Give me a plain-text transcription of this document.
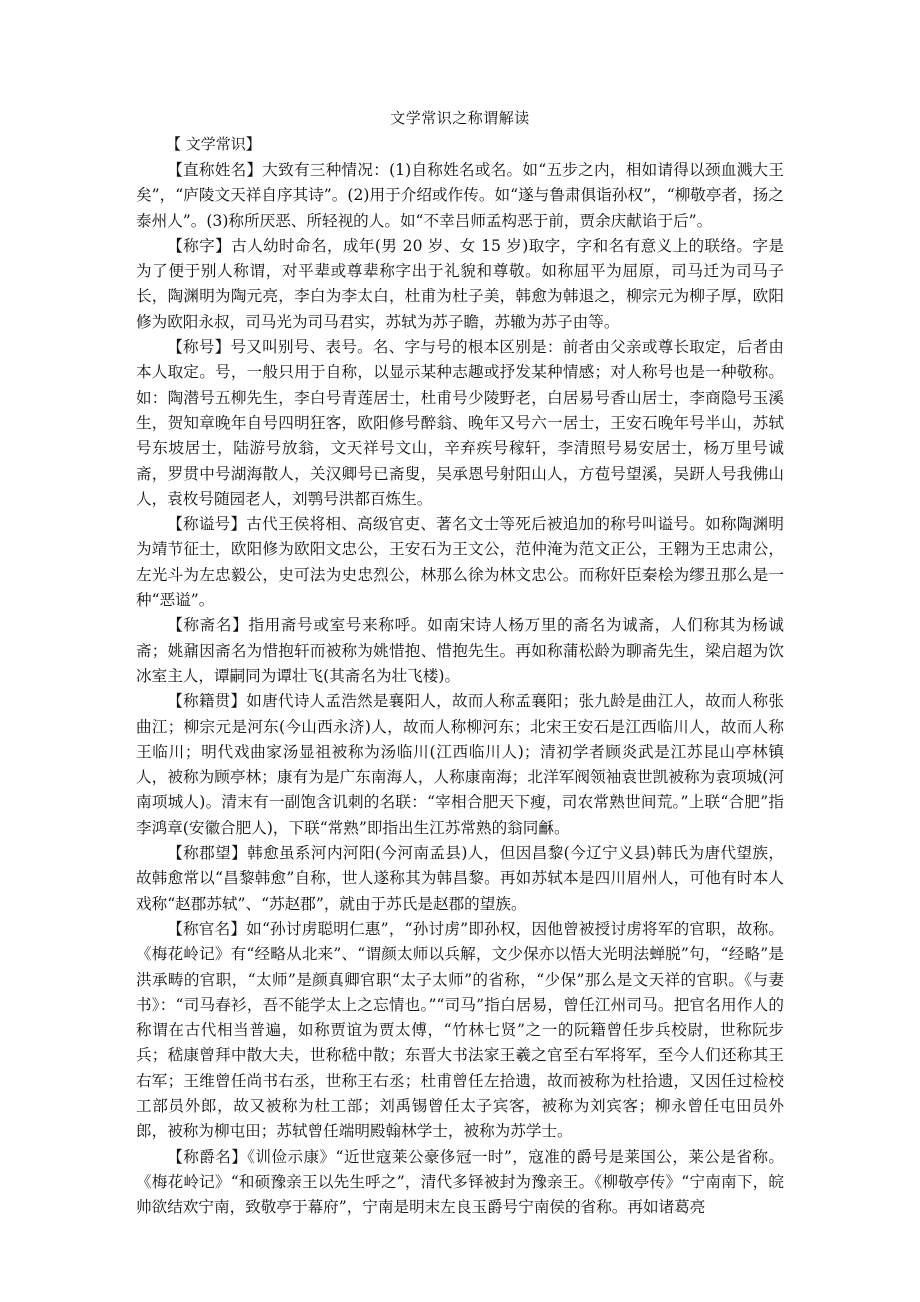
文学常识之称谓解读
【 文学常识】

【直称姓名】大致有三种情况：(1)自称姓名或名。如“五步之内，相如请得以颈血溅大王矣”，“庐陵文天祥自序其诗”。(2)用于介绍或作传。如“遂与鲁肃俱诣孙权”，“柳敬亭者，扬之泰州人”。(3)称所厌恶、所轻视的人。如“不幸吕师孟构恶于前，贾余庆献谄于后”。

【称字】古人幼时命名，成年(男 20 岁、女 15 岁)取字，字和名有意义上的联络。字是为了便于别人称谓，对平辈或尊辈称字出于礼貌和尊敬。如称屈平为屈原，司马迁为司马子长，陶渊明为陶元亮，李白为李太白，杜甫为杜子美，韩愈为韩退之，柳宗元为柳子厚，欧阳修为欧阳永叔，司马光为司马君实，苏轼为苏子瞻，苏辙为苏子由等。

【称号】号又叫别号、表号。名、字与号的根本区别是：前者由父亲或尊长取定，后者由本人取定。号，一般只用于自称，以显示某种志趣或抒发某种情感；对人称号也是一种敬称。如：陶潜号五柳先生，李白号青莲居士，杜甫号少陵野老，白居易号香山居士，李商隐号玉溪生，贺知章晚年自号四明狂客，欧阳修号醉翁、晚年又号六一居士，王安石晚年号半山，苏轼号东坡居士，陆游号放翁，文天祥号文山，辛弃疾号稼轩，李清照号易安居士，杨万里号诚斋，罗贯中号湖海散人，关汉卿号已斋叟，吴承恩号射阳山人，方苞号望溪，吴趼人号我佛山人，袁枚号随园老人，刘鹗号洪都百炼生。

【称谥号】古代王侯将相、高级官吏、著名文士等死后被追加的称号叫谥号。如称陶渊明为靖节征士，欧阳修为欧阳文忠公，王安石为王文公，范仲淹为范文正公，王翱为王忠肃公，左光斗为左忠毅公，史可法为史忠烈公，林那么徐为林文忠公。而称奸臣秦桧为缪丑那么是一种“恶谥”。

【称斋名】指用斋号或室号来称呼。如南宋诗人杨万里的斋名为诚斋，人们称其为杨诚斋；姚鼐因斋名为惜抱轩而被称为姚惜抱、惜抱先生。再如称蒲松龄为聊斋先生，梁启超为饮冰室主人，谭嗣同为谭壮飞(其斋名为壮飞楼)。

【称籍贯】如唐代诗人孟浩然是襄阳人，故而人称孟襄阳；张九龄是曲江人，故而人称张曲江；柳宗元是河东(今山西永济)人，故而人称柳河东；北宋王安石是江西临川人，故而人称王临川；明代戏曲家汤显祖被称为汤临川(江西临川人)；清初学者顾炎武是江苏昆山亭林镇人，被称为顾亭林；康有为是广东南海人，人称康南海；北洋军阀领袖袁世凯被称为袁项城(河南项城人)。清末有一副饱含讥刺的名联：“宰相合肥天下瘦，司农常熟世间荒。”上联“合肥”指李鸿章(安徽合肥人)，下联“常熟”即指出生江苏常熟的翁同龢。

【称郡望】韩愈虽系河内河阳(今河南孟县)人，但因昌黎(今辽宁义县)韩氏为唐代望族，故韩愈常以“昌黎韩愈”自称，世人遂称其为韩昌黎。再如苏轼本是四川眉州人，可他有时本人戏称“赵郡苏轼”、“苏赵郡”，就由于苏氏是赵郡的望族。

【称官名】如“孙讨虏聪明仁惠”，“孙讨虏”即孙权，因他曾被授讨虏将军的官职，故称。《梅花岭记》有“经略从北来”、“谓颜太师以兵解，文少保亦以悟大光明法蝉脱”句，“经略”是洪承畴的官职，“太师”是颜真卿官职“太子太师”的省称，“少保”那么是文天祥的官职。《与妻书》：“司马春衫，吾不能学太上之忘情也。”“司马”指白居易，曾任江州司马。把官名用作人的称谓在古代相当普遍，如称贾谊为贾太傅，“竹林七贤”之一的阮籍曾任步兵校尉，世称阮步兵；嵇康曾拜中散大夫，世称嵇中散；东晋大书法家王羲之官至右军将军，至今人们还称其王右军；王维曾任尚书右丞，世称王右丞；杜甫曾任左拾遗，故而被称为杜拾遗，又因任过检校工部员外郎，故又被称为杜工部；刘禹锡曾任太子宾客，被称为刘宾客；柳永曾任屯田员外郎，被称为柳屯田；苏轼曾任端明殿翰林学士，被称为苏学士。

【称爵名】《训俭示康》“近世寇莱公豪侈冠一时”，寇准的爵号是莱国公，莱公是省称。《梅花岭记》“和硕豫亲王以先生呼之”，清代多铎被封为豫亲王。《柳敬亭传》“宁南南下，皖帅欲结欢宁南，致敬亭于幕府”，宁南是明末左良玉爵号宁南侯的省称。再如诸葛亮
